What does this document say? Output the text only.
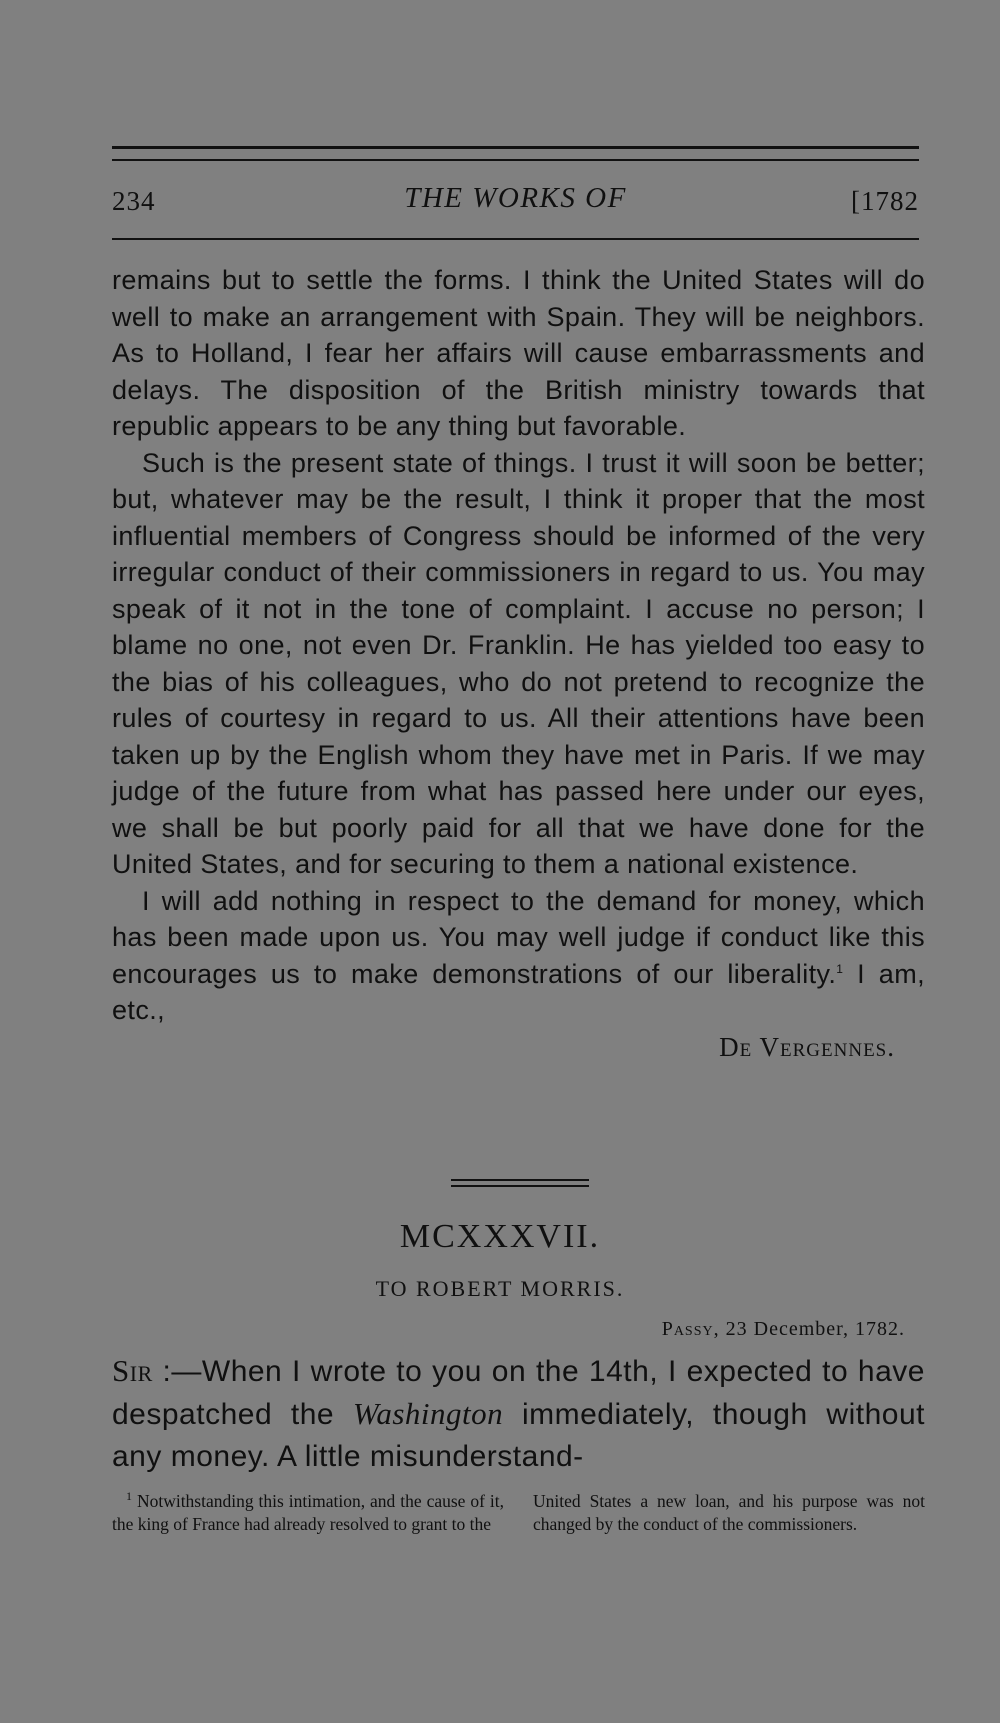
234	THE WORKS OF	[1782

remains but to settle the forms. I think the United States will do well to make an arrangement with Spain. They will be neighbors. As to Holland, I fear her affairs will cause embarrassments and delays. The disposition of the British ministry towards that republic appears to be any thing but favorable.

Such is the present state of things. I trust it will soon be better; but, whatever may be the result, I think it proper that the most influential members of Congress should be informed of the very irregular conduct of their commissioners in regard to us. You may speak of it not in the tone of complaint. I accuse no person; I blame no one, not even Dr. Franklin. He has yielded too easy to the bias of his colleagues, who do not pretend to recognize the rules of courtesy in regard to us. All their attentions have been taken up by the English whom they have met in Paris. If we may judge of the future from what has passed here under our eyes, we shall be but poorly paid for all that we have done for the United States, and for securing to them a national existence.

I will add nothing in respect to the demand for money, which has been made upon us. You may well judge if conduct like this encourages us to make demonstrations of our liberality.$^1$ I am, etc.,

De Vergennes.
MCXXXVII.
TO ROBERT MORRIS.
Passy, 23 December, 1782.

Sir :—When I wrote to you on the 14th, I expected to have despatched the Washington immediately, though without any money. A little misunderstand-

$^1$ Notwithstanding this intimation, and the cause of it, the king of France had already resolved to grant to the

United States a new loan, and his purpose was not changed by the conduct of the commissioners.
